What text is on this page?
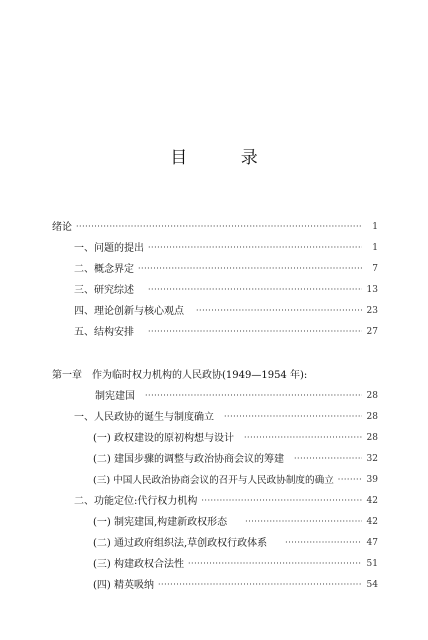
目 录
绪论 ·····	1
一、问题的提出 ·····	1
二、概念界定 ·····	7
三、研究综述 ·····	13
四、理论创新与核心观点 ·····	23
五、结构安排 ·····	27
第一章　作为临时权力机构的人民政协(1949—1954 年):
制宪建国 ·····	28
一、人民政协的诞生与制度确立 ·····	28
(一) 政权建设的原初构想与设计 ·····	28
(二) 建国步骤的调整与政治协商会议的筹建 ·····	32
(三) 中国人民政治协商会议的召开与人民政协制度的确立 ·····	39
二、功能定位:代行权力机构 ·····	42
(一) 制宪建国,构建新政权形态 ·····	42
(二) 通过政府组织法,草创政权行政体系 ·····	47
(三) 构建政权合法性 ·····	51
(四) 精英吸纳 ·····	54
